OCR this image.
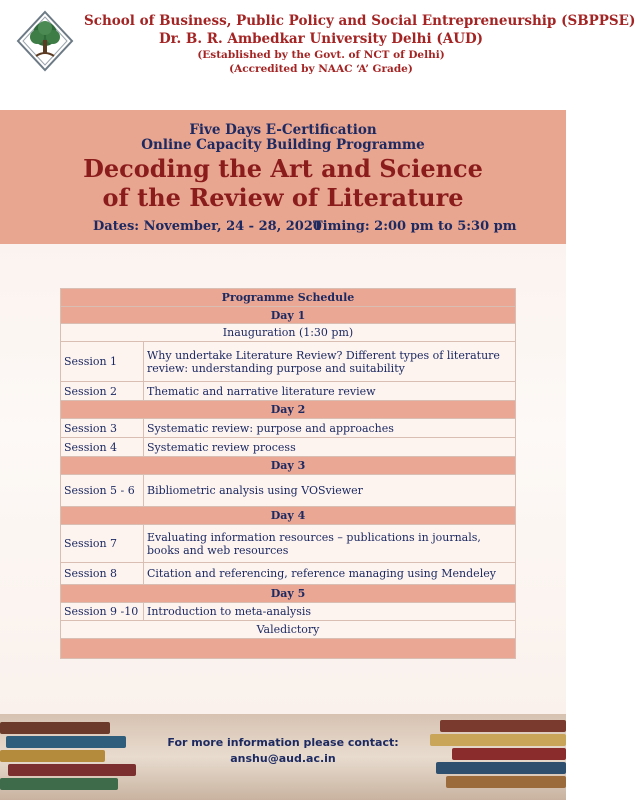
School of Business, Public Policy and Social Entrepreneurship (SBPPSE)
Dr. B. R. Ambedkar University Delhi (AUD)
(Established by the Govt. of NCT of Delhi)
(Accredited by NAAC ‘A’ Grade)
Five Days E-Certification
Online Capacity Building Programme
Decoding the Art and Science
of the Review of Literature
Dates: November, 24 - 28, 2020
Timing: 2:00 pm to 5:30 pm
Programme Schedule	
Day 1	
Inauguration (1:30 pm)	
Session 1	Why undertake Literature Review? Different types of literature review: understanding purpose and suitability
Session 2	Thematic and narrative literature review
Day 2	
Session 3	Systematic review: purpose and approaches
Session 4	Systematic review process
Day 3	
Session 5 - 6	Bibliometric analysis using VOSviewer
Day 4	
Session 7	Evaluating information resources – publications in journals, books and web resources
Session 8	Citation and referencing, reference managing using Mendeley
Day 5	
Session 9 -10	Introduction to meta-analysis
Valedictory	

For more information please contact:
anshu@aud.ac.in
